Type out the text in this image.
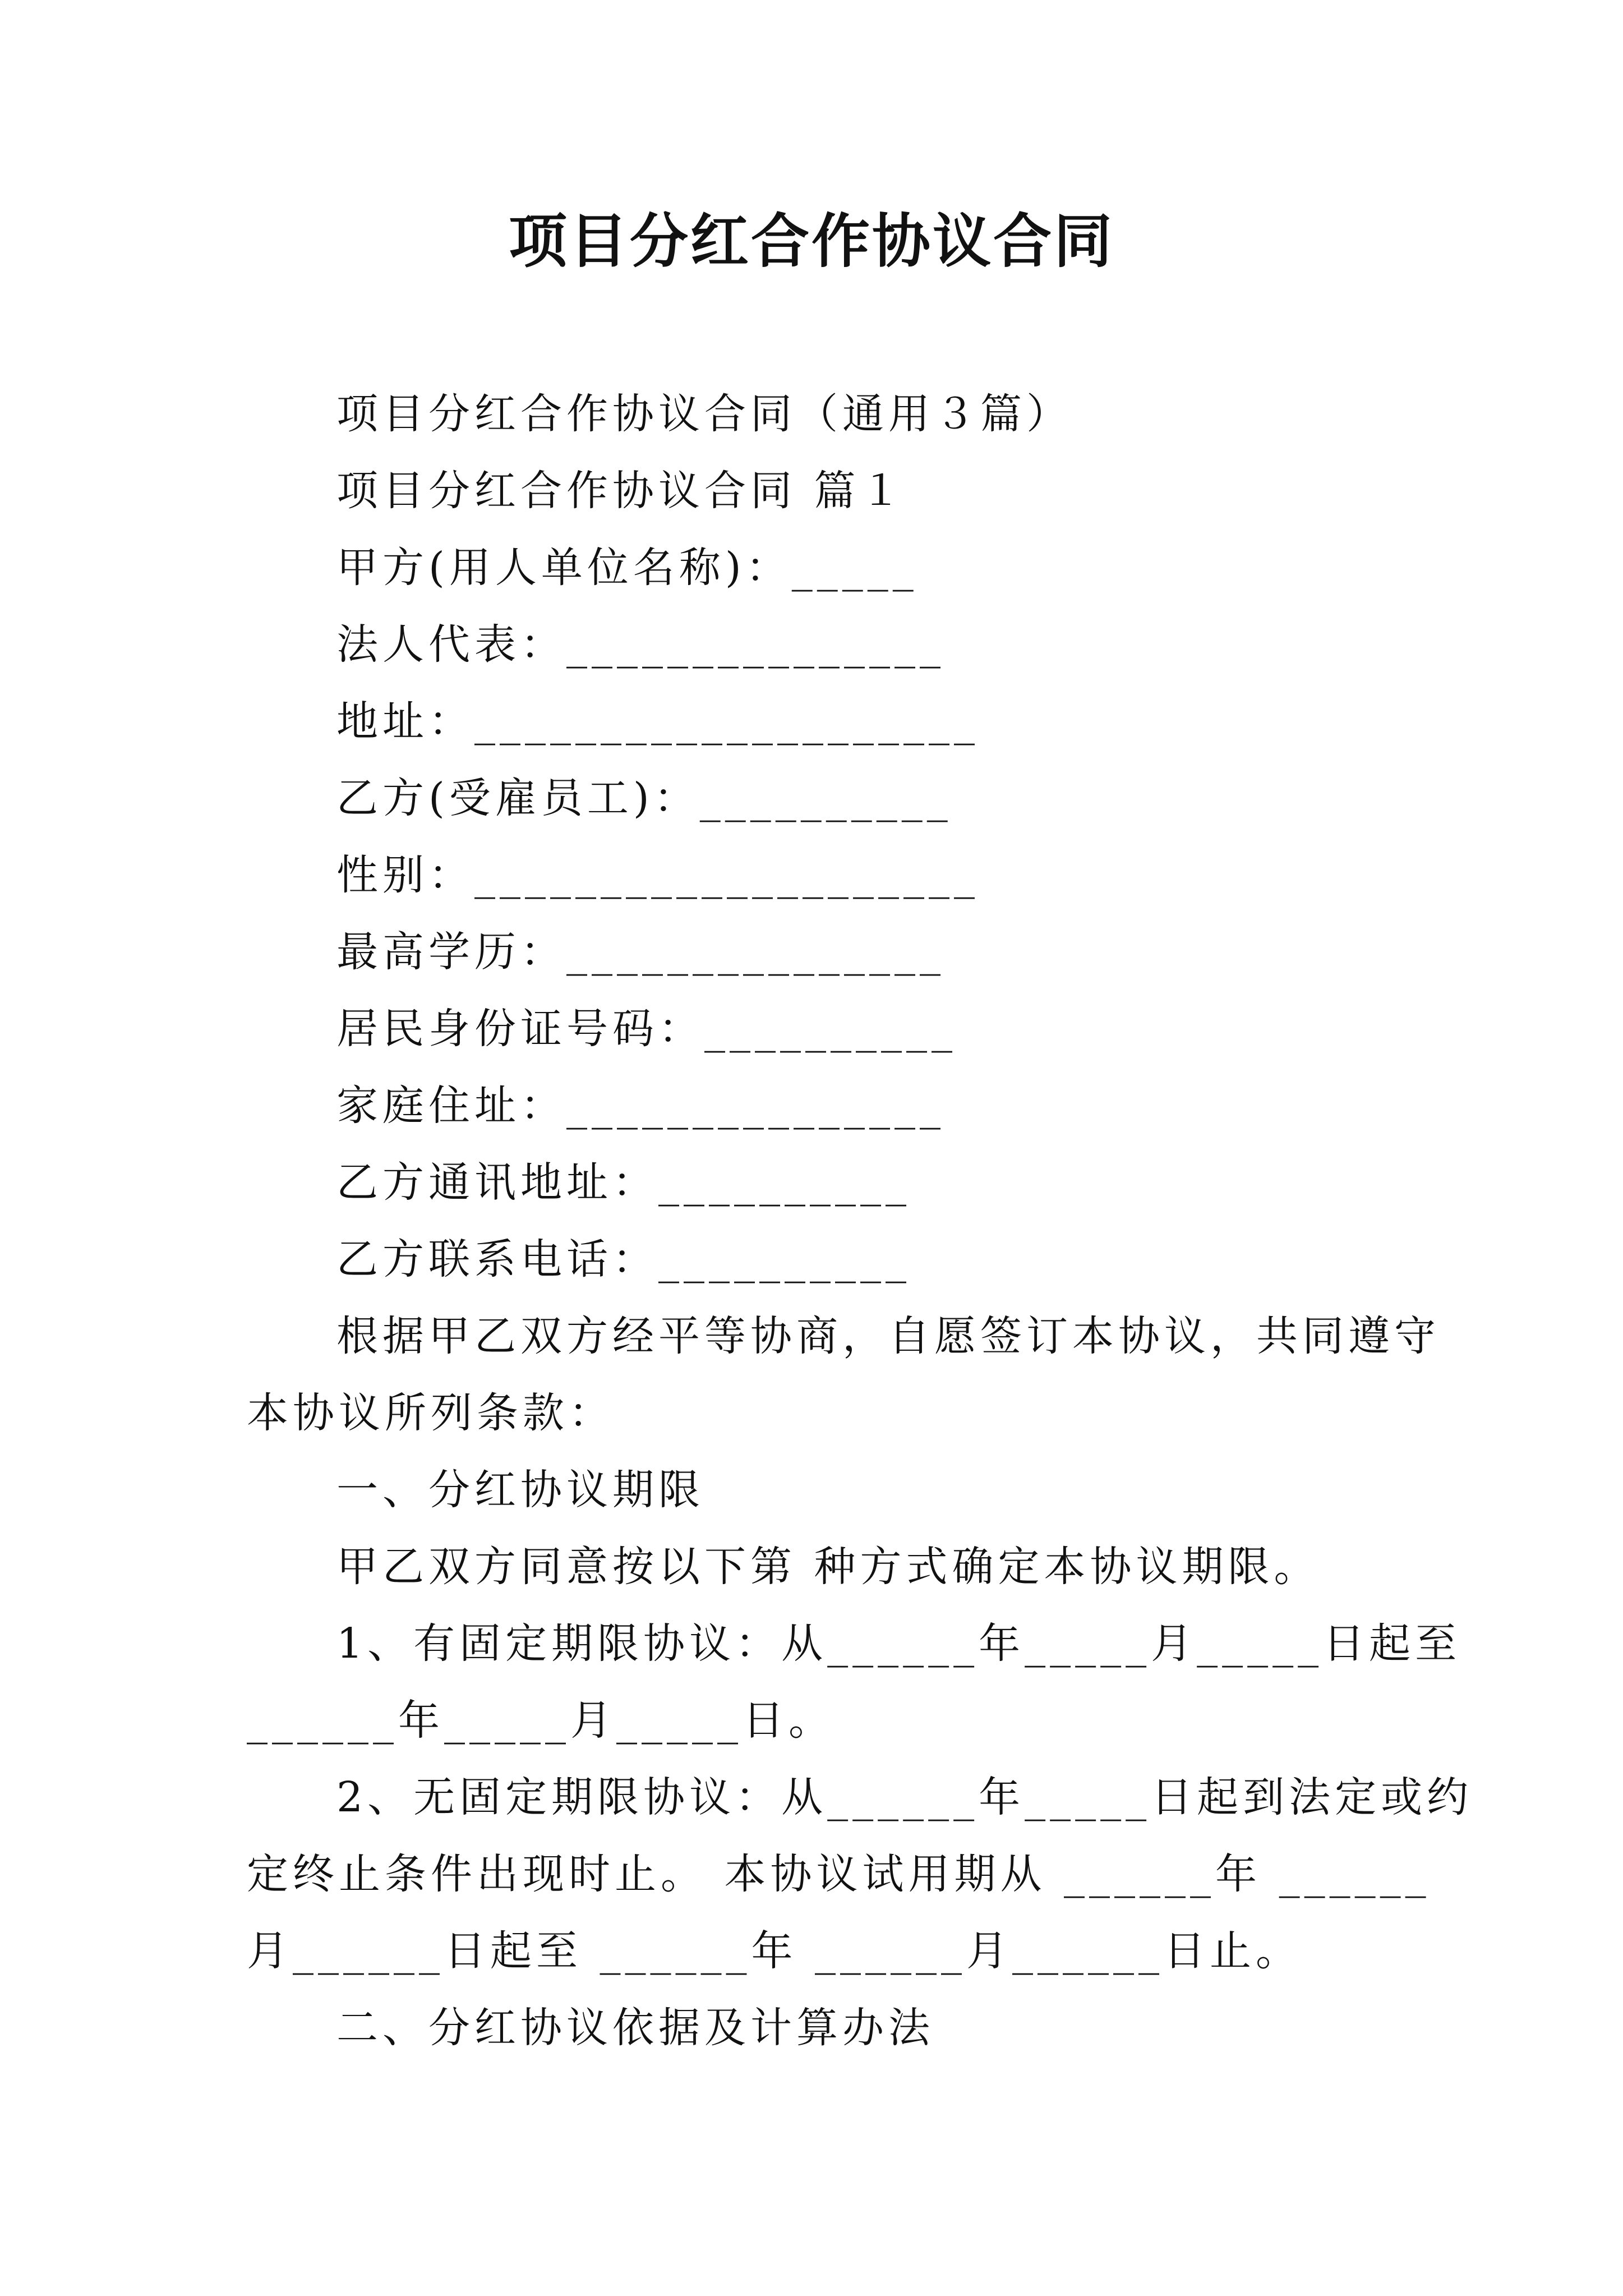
项目分红合作协议合同
项目分红合作协议合同（通用３篇）
项目分红合作协议合同 篇１
甲方(用人单位名称)：_____
法人代表：_______________
地址：____________________
乙方(受雇员工)：__________
性别：____________________
最高学历：_______________
居民身份证号码：__________
家庭住址：_______________
乙方通讯地址：__________
乙方联系电话：__________
根据甲乙双方经平等协商，自愿签订本协议，共同遵守
本协议所列条款：
一、分红协议期限
甲乙双方同意按以下第 种方式确定本协议期限。
1、有固定期限协议：从______年_____月_____日起至
______年_____月_____日。
2、无固定期限协议：从______年_____日起到法定或约
定终止条件出现时止。 本协议试用期从 ______年 ______
月______日起至 ______年 ______月______日止。
二、分红协议依据及计算办法
